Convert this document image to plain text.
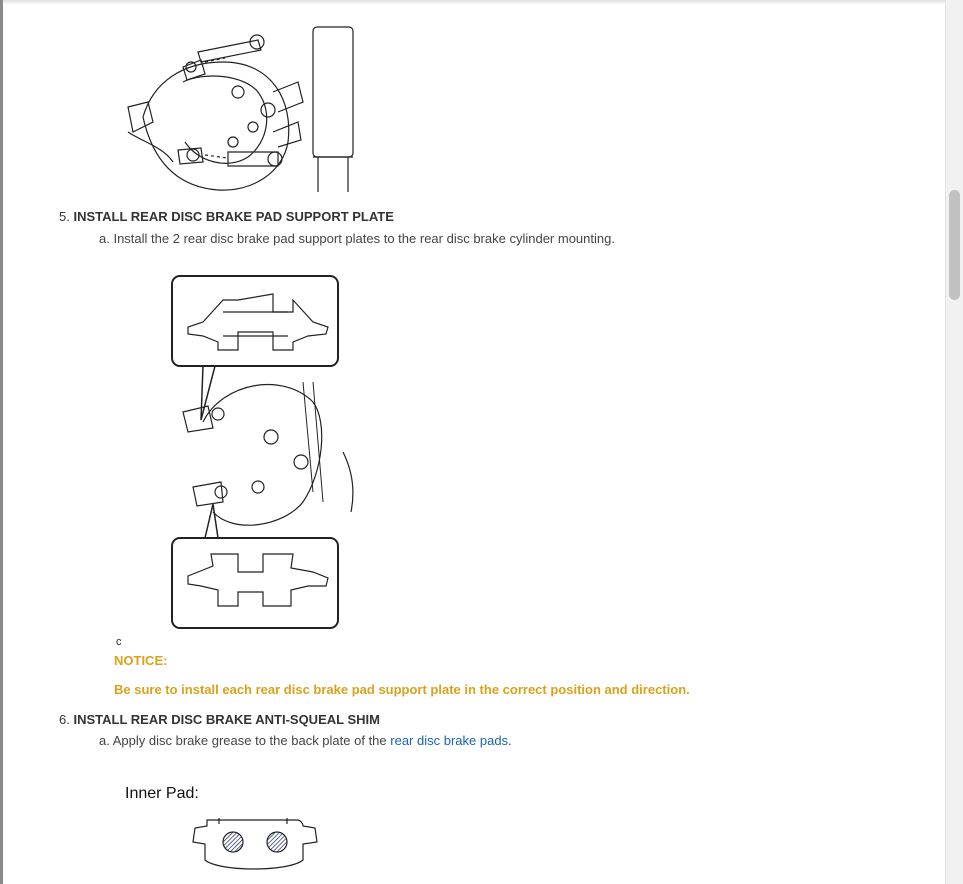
5. INSTALL REAR DISC BRAKE PAD SUPPORT PLATE
a. Install the 2 rear disc brake pad support plates to the rear disc brake cylinder mounting.
c
NOTICE:
Be sure to install each rear disc brake pad support plate in the correct position and direction.
6. INSTALL REAR DISC BRAKE ANTI-SQUEAL SHIM
a. Apply disc brake grease to the back plate of the rear disc brake pads.
Inner Pad:
